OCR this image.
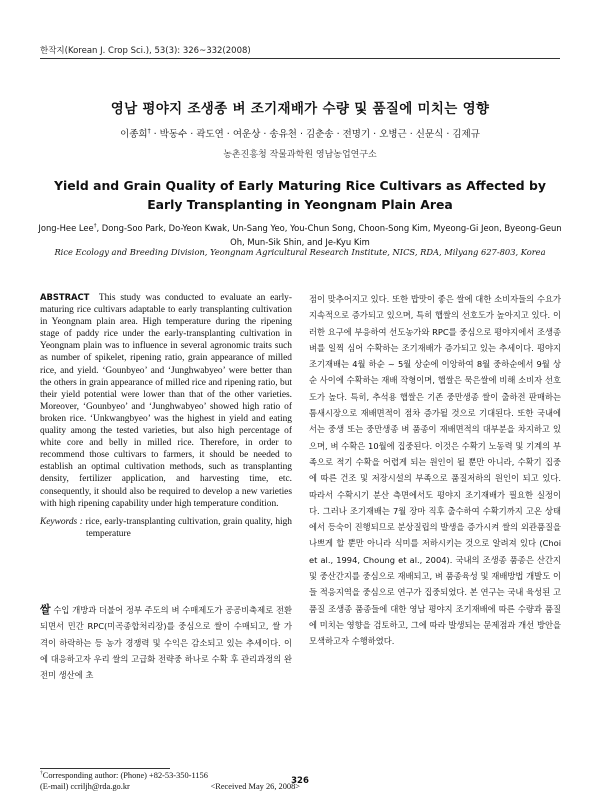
한작지(Korean J. Crop Sci.), 53(3): 326~332(2008)
영남 평야지 조생종 벼 조기재배가 수량 및 품질에 미치는 영향
이종희† · 박동수 · 곽도연 · 여운상 · 송유천 · 김춘송 · 전명기 · 오병근 · 신문식 · 김제규
농촌진흥청 작물과학원 영남농업연구소
Yield and Grain Quality of Early Maturing Rice Cultivars as Affected by Early Transplanting in Yeongnam Plain Area
Jong-Hee Lee†, Dong-Soo Park, Do-Yeon Kwak, Un-Sang Yeo, You-Chun Song, Choon-Song Kim, Myeong-Gi Jeon, Byeong-Geun Oh, Mun-Sik Shin, and Je-Kyu Kim
Rice Ecology and Breeding Division, Yeongnam Agricultural Research Institute, NICS, RDA, Milyang 627-803, Korea
ABSTRACT This study was conducted to evaluate an early-maturing rice cultivars adaptable to early transplanting cultivation in Yeongnam plain area. High temperature during the ripening stage of paddy rice under the early-transplanting cultivation in Yeongnam plain was to influence in several agronomic traits such as number of spikelet, ripening ratio, grain appearance of milled rice, and yield. ‘Gounbyeo’ and ‘Junghwabyeo’ were better than the others in grain appearance of milled rice and ripening ratio, but their yield potential were lower than that of the other varieties. Moreover, ‘Gounbyeo’ and ‘Junghwabyeo’ showed high ratio of broken rice. ‘Unkwangbyeo’ was the highest in yield and eating quality among the tested varieties, but also high percentage of white core and belly in milled rice. Therefore, in order to recommend those cultivars to farmers, it should be needed to establish an optimal cultivation methods, such as transplanting density, fertilizer application, and harvesting time, etc. consequently, it should also be required to develop a new varieties with high ripening capability under high temperature condition.
Keywords : rice, early-transplanting cultivation, grain quality, high temperature
쌀 수입 개방과 더불어 정부 주도의 벼 수매제도가 공공비축제로 전환되면서 민간 RPC(미곡종합처리장)를 중심으로 쌀이 수매되고, 쌀 가격이 하락하는 등 농가 경쟁력 및 수익은 감소되고 있는 추세이다. 이에 대응하고자 우리 쌀의 고급화 전략중 하나로 수확 후 관리과정의 완전미 생산에 초
점이 맞추어지고 있다. 또한 밥맛이 좋은 쌀에 대한 소비자들의 수요가 지속적으로 증가되고 있으며, 특히 햅쌀의 선호도가 높아지고 있다. 이러한 요구에 부응하여 선도농가와 RPC를 중심으로 평야지에서 조생종 벼를 일찍 심어 수확하는 조기재배가 증가되고 있는 추세이다. 평야지 조기재배는 4월 하순 ~ 5월 상순에 이앙하여 8월 중하순에서 9월 상순 사이에 수확하는 재배 작형이며, 햅쌀은 묵은쌀에 비해 소비자 선호도가 높다. 특히, 추석용 햅쌀은 기존 중만생종 쌀이 출하전 판매하는 틈새시장으로 재배면적이 점차 증가될 것으로 기대된다. 또한 국내에서는 중생 또는 중만생종 벼 품종이 재배면적의 대부분을 차지하고 있으며, 벼 수확은 10월에 집중된다. 이것은 수확기 노동력 및 기계의 부족으로 적기 수확을 어렵게 되는 원인이 될 뿐만 아니라, 수확기 집중에 따른 건조 및 저장시설의 부족으로 품질저하의 원인이 되고 있다. 따라서 수확시기 분산 측면에서도 평야지 조기재배가 필요한 실정이다. 그러나 조기재배는 7월 장마 직후 출수하여 수확기까지 고온 상태에서 등숙이 진행되므로 분상질립의 발생을 증가시켜 쌀의 외관품질을 나쁘게 할 뿐만 아니라 식미를 저하시키는 것으로 알려져 있다 (Choi et al., 1994, Choung et al., 2004). 국내의 조생종 품종은 산간지 및 중산간지를 중심으로 재배되고, 벼 품종육성 및 재배방법 개발도 이들 적응지역을 중심으로 연구가 집중되었다. 본 연구는 국내 육성된 고품질 조생종 품종들에 대한 영남 평야지 조기재배에 따른 수량과 품질에 미치는 영향을 검토하고, 그에 따라 발생되는 문제점과 개선 방안을 모색하고자 수행하였다.
†Corresponding author: (Phone) +82-53-350-1156
(E-mail) ccriljh@rda.go.kr	<Received May 26, 2008>
326
